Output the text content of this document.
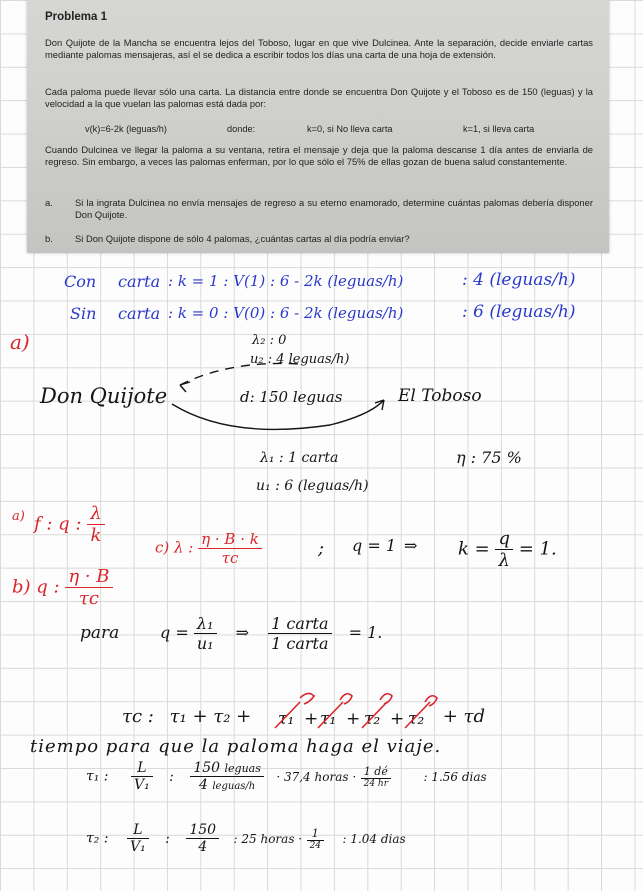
Problema 1

Don Quijote de la Mancha se encuentra lejos del Toboso, lugar en que vive Dulcinea. Ante la separación, decide enviarle cartas mediante palomas mensajeras, así el se dedica a escribir todos los días una carta de una hoja de extensión.

Cada paloma puede llevar sólo una carta. La distancia entre donde se encuentra Don Quijote y el Toboso es de 150 (leguas) y la velocidad a la que vuelan las palomas está dada por:

v(k)=6-2k (leguas/h)	donde:	k=0, si No lleva carta	k=1, si lleva carta

Cuando Dulcinea ve llegar la paloma a su ventana, retira el mensaje y deja que la paloma descanse 1 día antes de enviarla de regreso. Sin embargo, a veces las palomas enferman, por lo que sólo el 75% de ellas gozan de buena salud constantemente.

a. Si la ingrata Dulcinea no envía mensajes de regreso a su eterno enamorado, determine cuántas palomas debería disponer Don Quijote.
b. Si Don Quijote dispone de sólo 4 palomas, ¿cuántas cartas al día podría enviar?
Con carta : k = 1 : V(1) : 6 - 2k (leguas/h)	: 4 (leguas/h)
Sin carta : k = 0 : V(0) : 6 - 2k (leguas/h)	: 6 (leguas/h)
a)	λ₂ : 0
u₂ : 4 leguas/h)
Don Quijote	d: 150 leguas	El Toboso
λ₁ : 1 carta
u₁ : 6 (leguas/h)
η : 75 %
a) f : q : $\frac{\lambda}{k}$
c) λ : $\frac{\eta \cdot B \cdot k}{\tau c}$	; q = 1 ⇒ $k = \frac{q}{\lambda} = 1$.
b) q : $\frac{\eta \cdot B}{\tau c}$
para	$q = \frac{\text{λ₁}}{\text{u₁}}$ ⇒ $\frac{\text{1 carta}}{\text{1 carta}} = 1$.
τc : τ₁ + τ₂ +	+ τd
τ₁ + τ₁ + τ₂ + τ₂
tiempo para que la paloma haga el viaje.
τ₁ : $\frac{L}{\text{V₁}}$ : $\frac{\text{150 leguas}}{\text{4 leguas/h}} \cdot 37,4$ horas · $\frac{1 dé}{24 hr}$	: 1.56 dias
τ₂ : $\frac{L}{\text{V₁}}$ : $\frac{150}{4}$ : 25 horas · $\frac{1}{24}$ : 1.04 dias
